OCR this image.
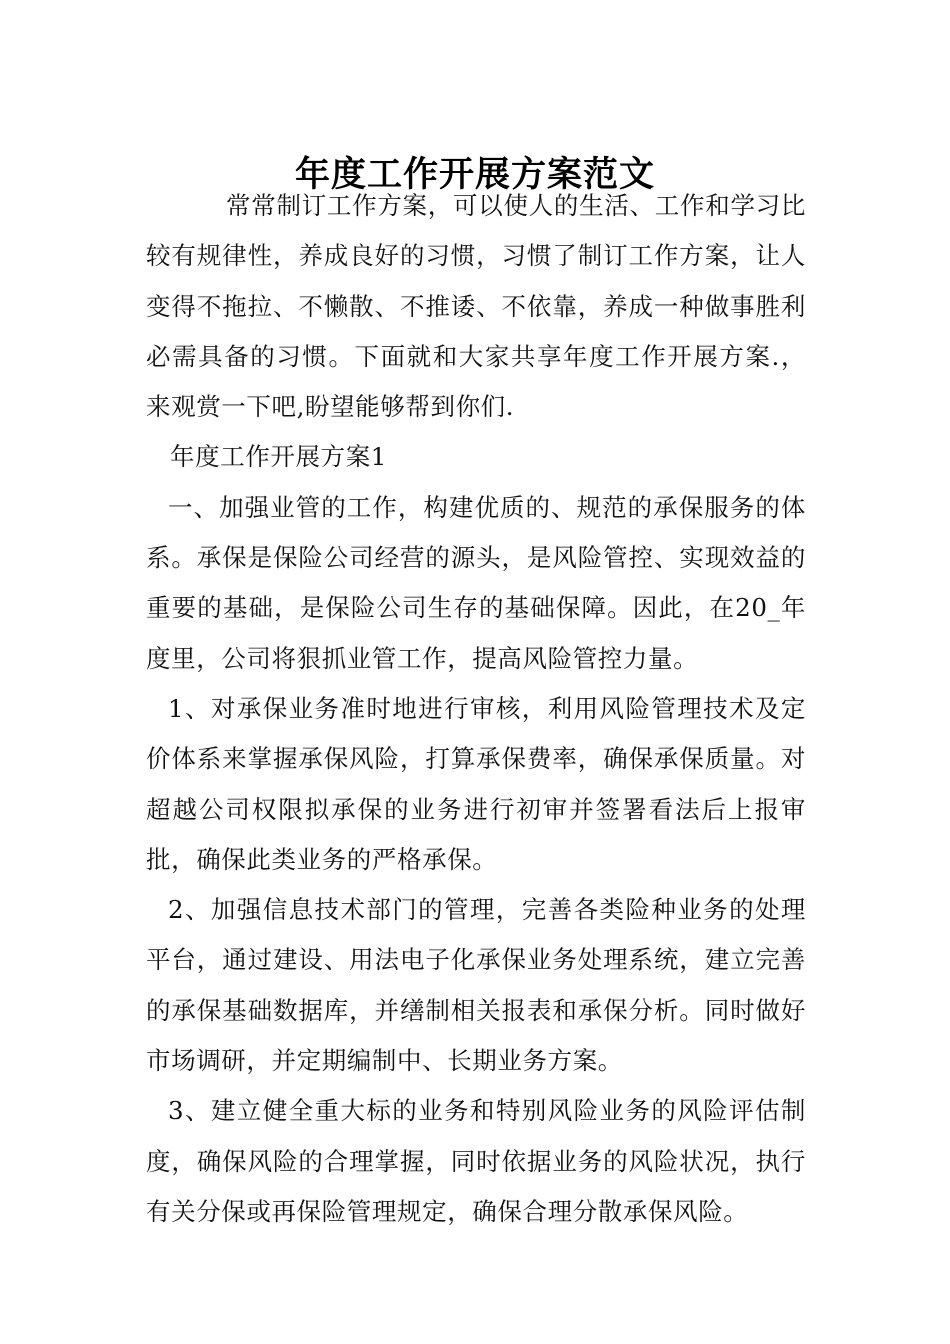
年度工作开展方案范文

常常制订工作方案，可以使人的生活、工作和学习比较有规律性，养成良好的习惯，习惯了制订工作方案，让人变得不拖拉、不懒散、不推诿、不依靠，养成一种做事胜利必需具备的习惯。下面就和大家共享年度工作开展方案.，来观赏一下吧,盼望能够帮到你们.

年度工作开展方案1

一、加强业管的工作，构建优质的、规范的承保服务的体系。承保是保险公司经营的源头，是风险管控、实现效益的重要的基础，是保险公司生存的基础保障。因此，在20_年度里，公司将狠抓业管工作，提高风险管控力量。

1、对承保业务准时地进行审核，利用风险管理技术及定价体系来掌握承保风险，打算承保费率，确保承保质量。对超越公司权限拟承保的业务进行初审并签署看法后上报审批，确保此类业务的严格承保。

2、加强信息技术部门的管理，完善各类险种业务的处理平台，通过建设、用法电子化承保业务处理系统，建立完善的承保基础数据库，并缮制相关报表和承保分析。同时做好市场调研，并定期编制中、长期业务方案。

3、建立健全重大标的业务和特别风险业务的风险评估制度，确保风险的合理掌握，同时依据业务的风险状况，执行有关分保或再保险管理规定，确保合理分散承保风险。
